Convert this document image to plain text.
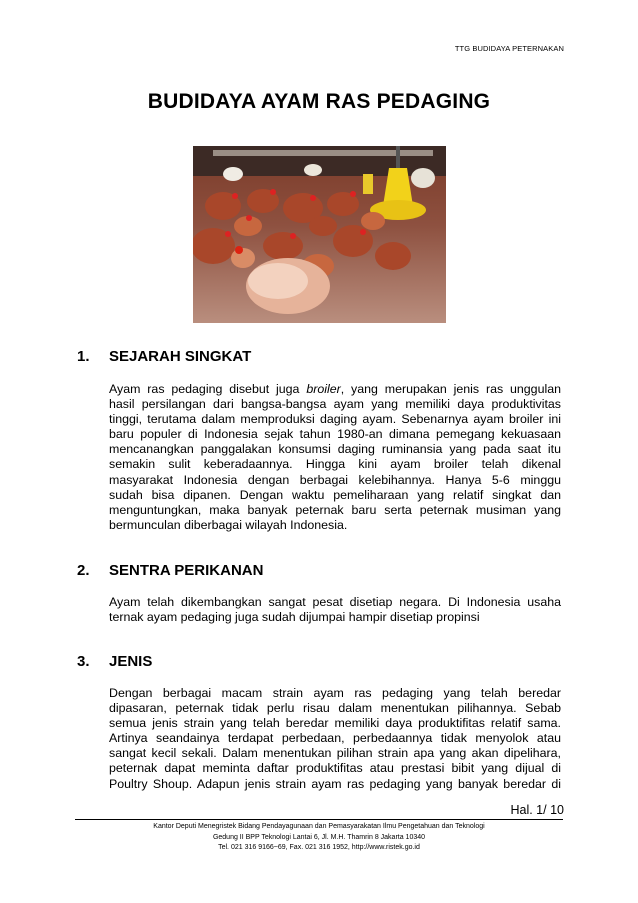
TTG BUDIDAYA PETERNAKAN
BUDIDAYA AYAM RAS PEDAGING
1. SEJARAH SINGKAT
Ayam ras pedaging disebut juga broiler, yang merupakan jenis ras unggulan
hasil persilangan dari bangsa-bangsa ayam yang memiliki daya produktivitas
tinggi, terutama dalam memproduksi daging ayam. Sebenarnya ayam broiler ini
baru populer di Indonesia sejak tahun 1980-an dimana pemegang kekuasaan
mencanangkan panggalakan konsumsi daging ruminansia yang pada saat itu
semakin sulit keberadaannya. Hingga kini ayam broiler telah dikenal
masyarakat Indonesia dengan berbagai kelebihannya. Hanya 5-6 minggu
sudah bisa dipanen. Dengan waktu pemeliharaan yang relatif singkat dan
menguntungkan, maka banyak peternak baru serta peternak musiman yang
bermunculan diberbagai wilayah Indonesia.
2. SENTRA PERIKANAN
Ayam telah dikembangkan sangat pesat disetiap negara. Di Indonesia usaha
ternak ayam pedaging juga sudah dijumpai hampir disetiap propinsi
3. JENIS
Dengan berbagai macam strain ayam ras pedaging yang telah beredar
dipasaran, peternak tidak perlu risau dalam menentukan pilihannya. Sebab
semua jenis strain yang telah beredar memiliki daya produktifitas relatif sama.
Artinya seandainya terdapat perbedaan, perbedaannya tidak menyolok atau
sangat kecil sekali. Dalam menentukan pilihan strain apa yang akan dipelihara,
peternak dapat meminta daftar produktifitas atau prestasi bibit yang dijual di
Poultry Shoup. Adapun jenis strain ayam ras pedaging yang banyak beredar di
Hal. 1/ 10
Kantor Deputi Menegristek Bidang Pendayagunaan dan Pemasyarakatan Ilmu Pengetahuan dan Teknologi
Gedung II BPP Teknologi Lantai 6, Jl. M.H. Thamrin 8 Jakarta 10340
Tel. 021 316 9166~69, Fax. 021 316 1952, http://www.ristek.go.id
